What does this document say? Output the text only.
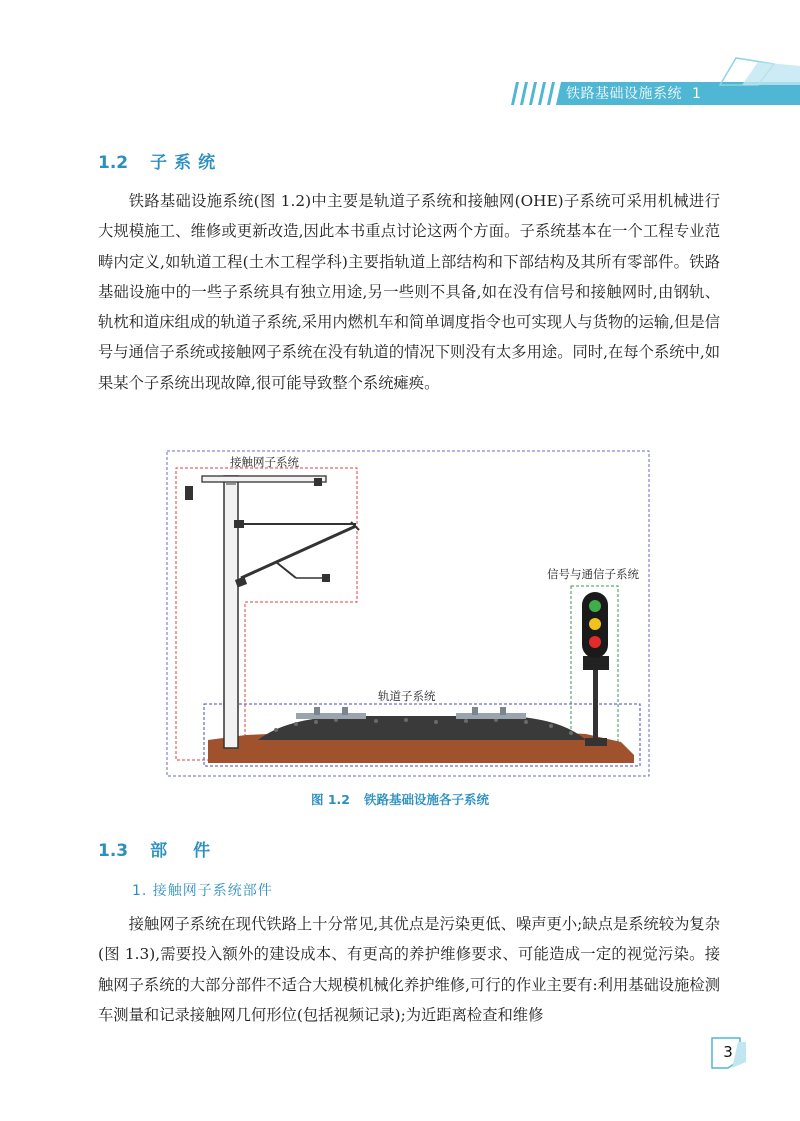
铁路基础设施系统 1
1.2 子系统

铁路基础设施系统(图 1.2)中主要是轨道子系统和接触网(OHE)子系统可采用机械进行大规模施工、维修或更新改造,因此本书重点讨论这两个方面。子系统基本在一个工程专业范畴内定义,如轨道工程(土木工程学科)主要指轨道上部结构和下部结构及其所有零部件。铁路基础设施中的一些子系统具有独立用途,另一些则不具备,如在没有信号和接触网时,由钢轨、轨枕和道床组成的轨道子系统,采用内燃机车和简单调度指令也可实现人与货物的运输,但是信号与通信子系统或接触网子系统在没有轨道的情况下则没有太多用途。同时,在每个系统中,如果某个子系统出现故障,很可能导致整个系统瘫痪。

接触网子系统
信号与通信子系统
轨道子系统
图 1.2 铁路基础设施各子系统
1.3 部件
1. 接触网子系统部件

接触网子系统在现代铁路上十分常见,其优点是污染更低、噪声更小;缺点是系统较为复杂(图 1.3),需要投入额外的建设成本、有更高的养护维修要求、可能造成一定的视觉污染。接触网子系统的大部分部件不适合大规模机械化养护维修,可行的作业主要有:利用基础设施检测车测量和记录接触网几何形位(包括视频记录);为近距离检查和维修

3
